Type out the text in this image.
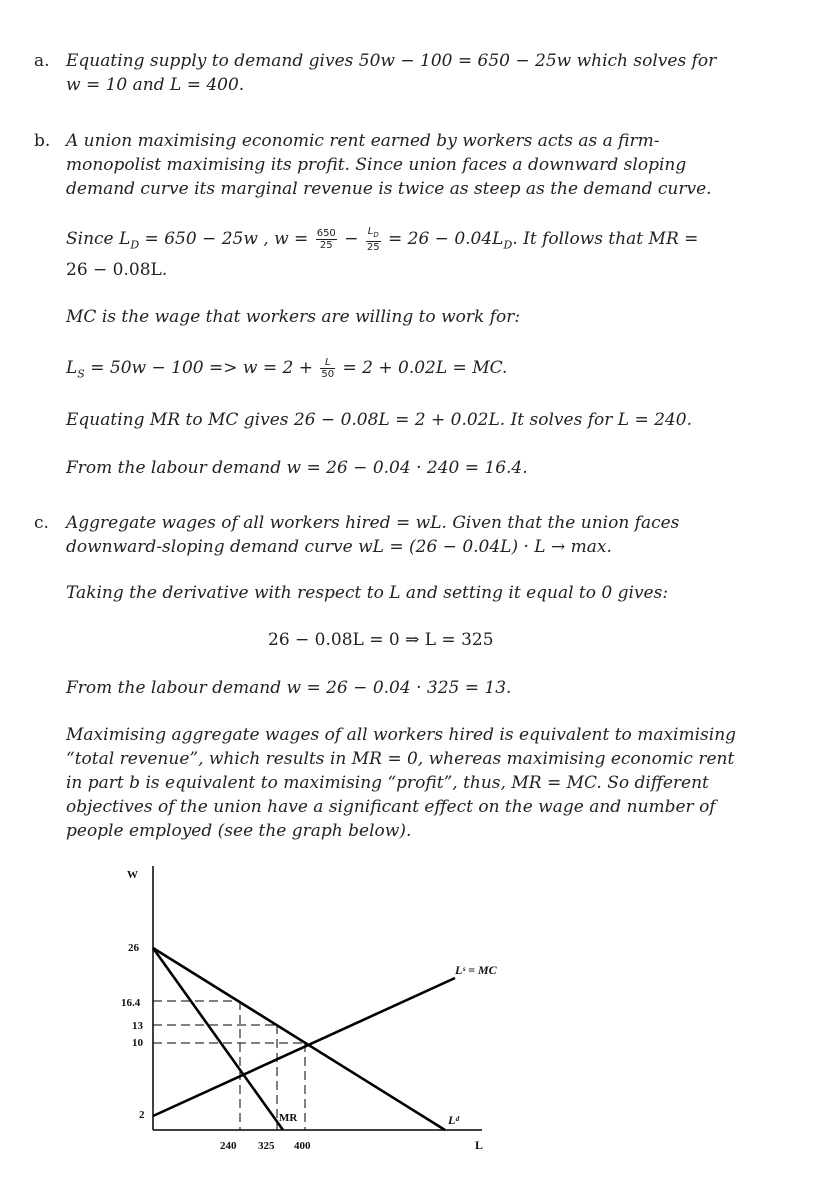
a. Equating supply to demand gives 50w − 100 = 650 − 25w which solves for
w = 10 and L = 400.
b. A union maximising economic rent earned by workers acts as a firm-
monopolist maximising its profit. Since union faces a downward sloping
demand curve its marginal revenue is twice as steep as the demand curve.
Since $L_D = 650 - 25w$ , $w = \frac{650}{25} - \frac{L_D}{25} = 26 - 0.04L_D$. It follows that MR =
26 − 0.08L.
MC is the wage that workers are willing to work for:
$L_S = 50w - 100 => w = 2 + \frac{L}{50} = 2 + 0.02L$ = MC.
Equating MR to MC gives 26 − 0.08L = 2 + 0.02L. It solves for L = 240.
From the labour demand w = 26 − 0.04 · 240 = 16.4.
c. Aggregate wages of all workers hired = wL. Given that the union faces
downward-sloping demand curve wL = (26 − 0.04L) · L → max.
Taking the derivative with respect to L and setting it equal to 0 gives:
26 − 0.08L = 0 ⇒ L = 325
From the labour demand w = 26 − 0.04 · 325 = 13.
Maximising aggregate wages of all workers hired is equivalent to maximising
“total revenue”, which results in MR = 0, whereas maximising economic rent
in part b is equivalent to maximising “profit”, thus, MR = MC. So different
objectives of the union have a significant effect on the wage and number of
people employed (see the graph below).
W
L
26
16.4
13
10
2
240 325 400
Lˢ = MC
Lᵈ
MR
